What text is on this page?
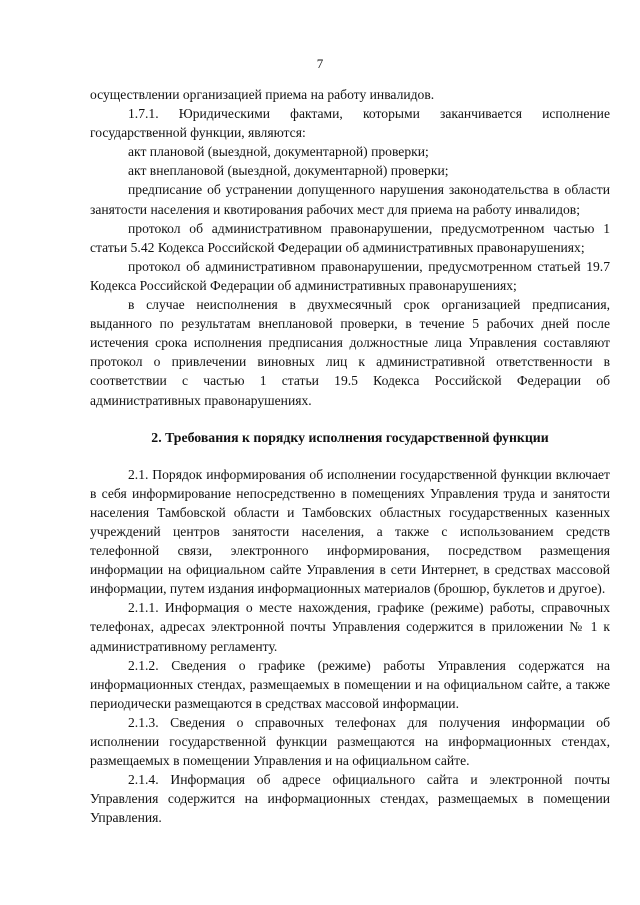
7

осуществлении организацией приема на работу инвалидов.

1.7.1. Юридическими фактами, которыми заканчивается исполнение государственной функции, являются:

акт плановой (выездной, документарной) проверки;

акт внеплановой (выездной, документарной) проверки;

предписание об устранении допущенного нарушения законодательства в области занятости населения и квотирования рабочих мест для приема на работу инвалидов;

протокол об административном правонарушении, предусмотренном частью 1 статьи 5.42 Кодекса Российской Федерации об административных правонарушениях;

протокол об административном правонарушении, предусмотренном статьей 19.7 Кодекса Российской Федерации об административных правонарушениях;

в случае неисполнения в двухмесячный срок организацией предписания, выданного по результатам внеплановой проверки, в течение 5 рабочих дней после истечения срока исполнения предписания должностные лица Управления составляют протокол о привлечении виновных лиц к административной ответственности в соответствии с частью 1 статьи 19.5 Кодекса Российской Федерации об административных правонарушениях.

2. Требования к порядку исполнения государственной функции

2.1. Порядок информирования об исполнении государственной функции включает в себя информирование непосредственно в помещениях Управления труда и занятости населения Тамбовской области и Тамбовских областных государственных казенных учреждений центров занятости населения, а также с использованием средств телефонной связи, электронного информирования, посредством размещения информации на официальном сайте Управления в сети Интернет, в средствах массовой информации, путем издания информационных материалов (брошюр, буклетов и другое).

2.1.1. Информация о месте нахождения, графике (режиме) работы, справочных телефонах, адресах электронной почты Управления содержится в приложении № 1 к административному регламенту.

2.1.2. Сведения о графике (режиме) работы Управления содержатся на информационных стендах, размещаемых в помещении и на официальном сайте, а также периодически размещаются в средствах массовой информации.

2.1.3. Сведения о справочных телефонах для получения информации об исполнении государственной функции размещаются на информационных стендах, размещаемых в помещении Управления и на официальном сайте.

2.1.4. Информация об адресе официального сайта и электронной почты Управления содержится на информационных стендах, размещаемых в помещении Управления.
